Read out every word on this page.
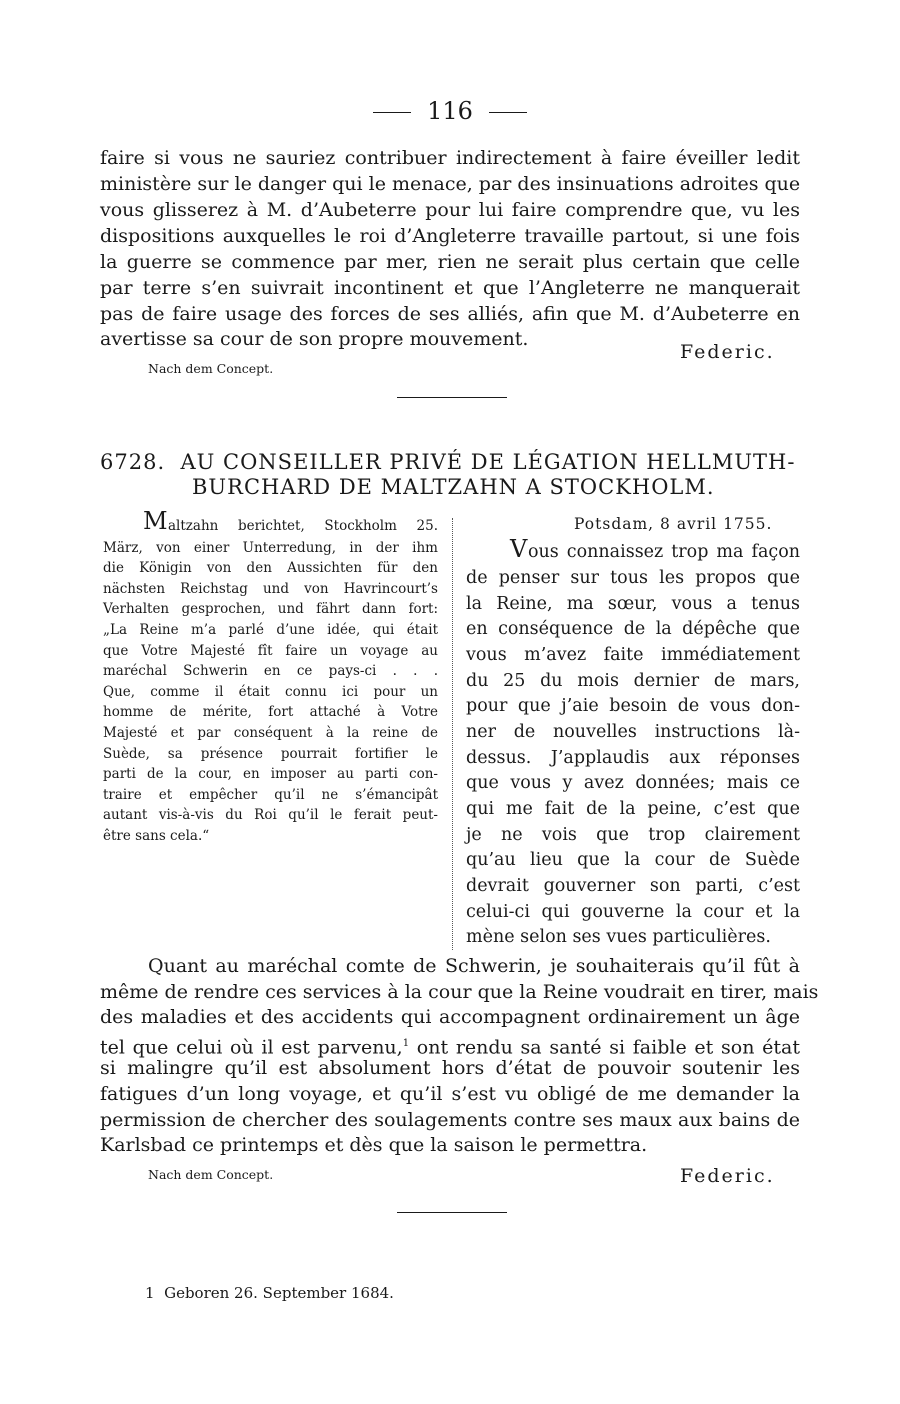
116
faire si vous ne sauriez contribuer indirectement à faire éveiller ledit
ministère sur le danger qui le menace, par des insinuations adroites que
vous glisserez à M. d’Aubeterre pour lui faire comprendre que, vu les
dispositions auxquelles le roi d’Angleterre travaille partout, si une fois
la guerre se commence par mer, rien ne serait plus certain que celle
par terre s’en suivrait incontinent et que l’Angleterre ne manquerait
pas de faire usage des forces de ses alliés, afin que M. d’Aubeterre en
avertisse sa cour de son propre mouvement.
Federic.
Nach dem Concept.
6728. AU CONSEILLER PRIVÉ DE LÉGATION HELLMUTH-
BURCHARD DE MALTZAHN A STOCKHOLM.
M altzahn berichtet, Stockholm 25.
März, von einer Unterredung, in der ihm
die Königin von den Aussichten für den
nächsten Reichstag und von Havrincourt’s
Verhalten gesprochen, und fährt dann fort:
„La Reine m’a parlé d’une idée, qui était
que Votre Majesté fît faire un voyage au
maréchal Schwerin en ce pays-ci . . .
Que, comme il était connu ici pour un
homme de mérite, fort attaché à Votre
Majesté et par conséquent à la reine de
Suède, sa présence pourrait fortifier le
parti de la cour, en imposer au parti con-
traire et empêcher qu’il ne s’émancipât
autant vis-à-vis du Roi qu’il le ferait peut-
être sans cela.“
Potsdam, 8 avril 1755.
V ous connaissez trop ma façon
de penser sur tous les propos que
la Reine, ma sœur, vous a tenus
en conséquence de la dépêche que
vous m’avez faite immédiatement
du 25 du mois dernier de mars,
pour que j’aie besoin de vous don-
ner de nouvelles instructions là-
dessus. J’applaudis aux réponses
que vous y avez données; mais ce
qui me fait de la peine, c’est que
je ne vois que trop clairement
qu’au lieu que la cour de Suède
devrait gouverner son parti, c’est
celui-ci qui gouverne la cour et la
mène selon ses vues particulières.
Quant au maréchal comte de Schwerin, je souhaiterais qu’il fût à
même de rendre ces services à la cour que la Reine voudrait en tirer, mais
des maladies et des accidents qui accompagnent ordinairement un âge
tel que celui où il est parvenu,$^1$ ont rendu sa santé si faible et son état
si malingre qu’il est absolument hors d’état de pouvoir soutenir les
fatigues d’un long voyage, et qu’il s’est vu obligé de me demander la
permission de chercher des soulagements contre ses maux aux bains de
Karlsbad ce printemps et dès que la saison le permettra.
Nach dem Concept.	Federic.
1 Geboren 26. September 1684.
